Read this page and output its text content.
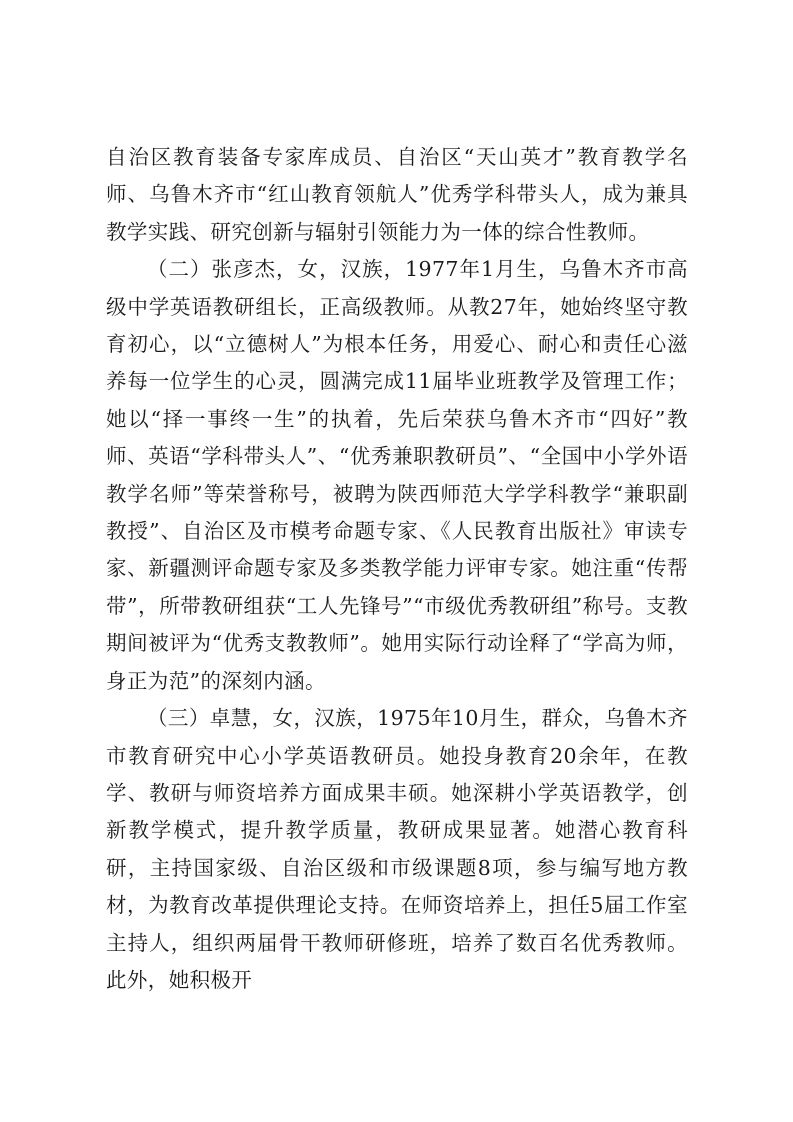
自治区教育装备专家库成员、自治区“天山英才”教育教学名师、乌鲁木齐市“红山教育领航人”优秀学科带头人，成为兼具教学实践、研究创新与辐射引领能力为一体的综合性教师。

（二）张彦杰，女，汉族，1977年1月生，乌鲁木齐市高级中学英语教研组长，正高级教师。从教27年，她始终坚守教育初心，以“立德树人”为根本任务，用爱心、耐心和责任心滋养每一位学生的心灵，圆满完成11届毕业班教学及管理工作；她以“择一事终一生”的执着，先后荣获乌鲁木齐市“四好”教师、英语“学科带头人”、“优秀兼职教研员”、“全国中小学外语教学名师”等荣誉称号，被聘为陕西师范大学学科教学“兼职副教授”、自治区及市模考命题专家、《人民教育出版社》审读专家、新疆测评命题专家及多类教学能力评审专家。她注重“传帮带”，所带教研组获“工人先锋号”“市级优秀教研组”称号。支教期间被评为“优秀支教教师”。她用实际行动诠释了“学高为师，身正为范”的深刻内涵。

（三）卓慧，女，汉族，1975年10月生，群众，乌鲁木齐市教育研究中心小学英语教研员。她投身教育20余年，在教学、教研与师资培养方面成果丰硕。她深耕小学英语教学，创新教学模式，提升教学质量，教研成果显著。她潜心教育科研，主持国家级、自治区级和市级课题8项，参与编写地方教材，为教育改革提供理论支持。在师资培养上，担任5届工作室主持人，组织两届骨干教师研修班，培养了数百名优秀教师。此外，她积极开
